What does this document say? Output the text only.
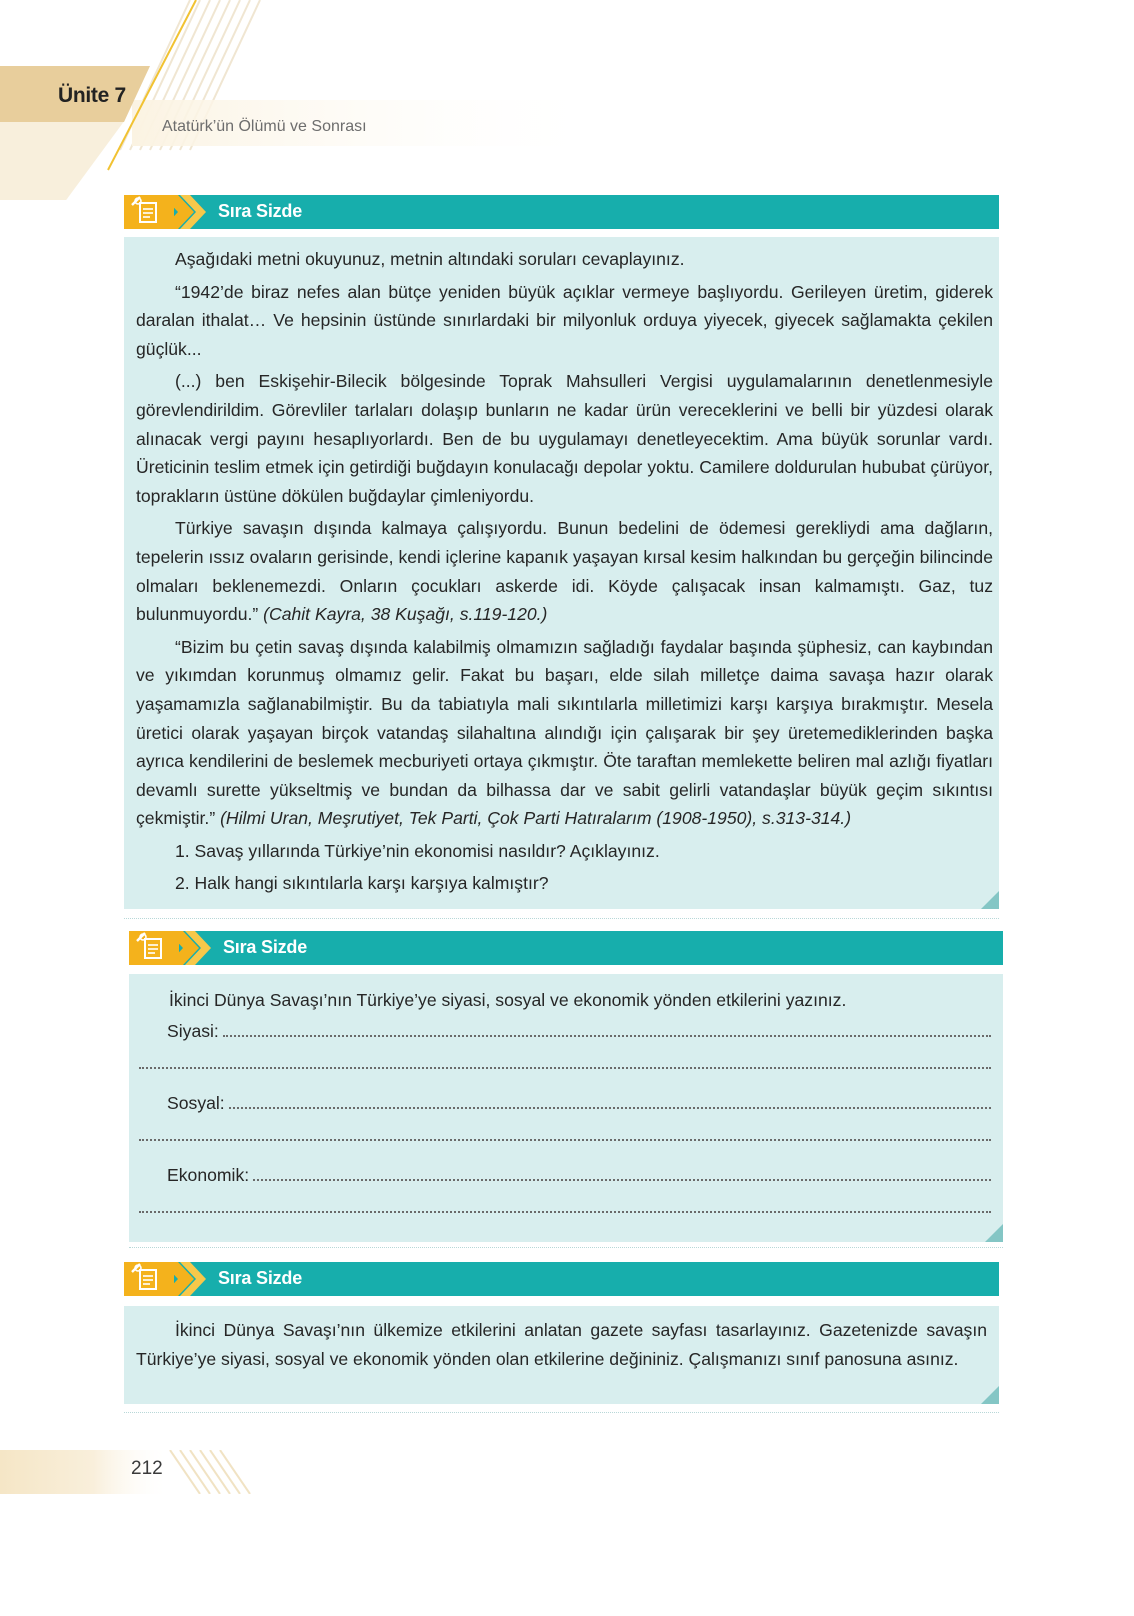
Ünite 7
Atatürk’ün Ölümü ve Sonrası
Sıra Sizde

Aşağıdaki metni okuyunuz, metnin altındaki soruları cevaplayınız.

“1942’de biraz nefes alan bütçe yeniden büyük açıklar vermeye başlıyordu. Gerileyen üretim, giderek daralan ithalat… Ve hepsinin üstünde sınırlardaki bir milyonluk orduya yiyecek, giyecek sağlamakta çekilen güçlük...

(...) ben Eskişehir-Bilecik bölgesinde Toprak Mahsulleri Vergisi uygulamalarının denetlenmesiyle görevlendirildim. Görevliler tarlaları dolaşıp bunların ne kadar ürün vereceklerini ve belli bir yüzdesi olarak alınacak vergi payını hesaplıyorlardı. Ben de bu uygulamayı denetleyecektim. Ama büyük sorunlar vardı. Üreticinin teslim etmek için getirdiği buğdayın konulacağı depolar yoktu. Camilere doldurulan hububat çürüyor, toprakların üstüne dökülen buğdaylar çimleniyordu.

Türkiye savaşın dışında kalmaya çalışıyordu. Bunun bedelini de ödemesi gerekliydi ama dağların, tepelerin ıssız ovaların gerisinde, kendi içlerine kapanık yaşayan kırsal kesim halkından bu gerçeğin bilincinde olmaları beklenemezdi. Onların çocukları askerde idi. Köyde çalışacak insan kalmamıştı. Gaz, tuz bulunmuyordu.” (Cahit Kayra, 38 Kuşağı, s.119-120.)

“Bizim bu çetin savaş dışında kalabilmiş olmamızın sağladığı faydalar başında şüphesiz, can kaybından ve yıkımdan korunmuş olmamız gelir. Fakat bu başarı, elde silah milletçe daima savaşa hazır olarak yaşamamızla sağlanabilmiştir. Bu da tabiatıyla mali sıkıntılarla milletimizi karşı karşıya bırakmıştır. Mesela üretici olarak yaşayan birçok vatandaş silahaltına alındığı için çalışarak bir şey üretemediklerinden başka ayrıca kendilerini de beslemek mecburiyeti ortaya çıkmıştır. Öte taraftan memlekette beliren mal azlığı fiyatları devamlı surette yükseltmiş ve bundan da bilhassa dar ve sabit gelirli vatandaşlar büyük geçim sıkıntısı çekmiştir.” (Hilmi Uran, Meşrutiyet, Tek Parti, Çok Parti Hatıralarım (1908-1950), s.313-314.)

1. Savaş yıllarında Türkiye’nin ekonomisi nasıldır? Açıklayınız.

2. Halk hangi sıkıntılarla karşı karşıya kalmıştır?

Sıra Sizde

İkinci Dünya Savaşı’nın Türkiye’ye siyasi, sosyal ve ekonomik yönden etkilerini yazınız.

Siyasi:
Sosyal:
Ekonomik:
Sıra Sizde

İkinci Dünya Savaşı’nın ülkemize etkilerini anlatan gazete sayfası tasarlayınız. Gazetenizde savaşın Türkiye’ye siyasi, sosyal ve ekonomik yönden olan etkilerine değininiz. Çalışmanızı sınıf panosuna asınız.

212
